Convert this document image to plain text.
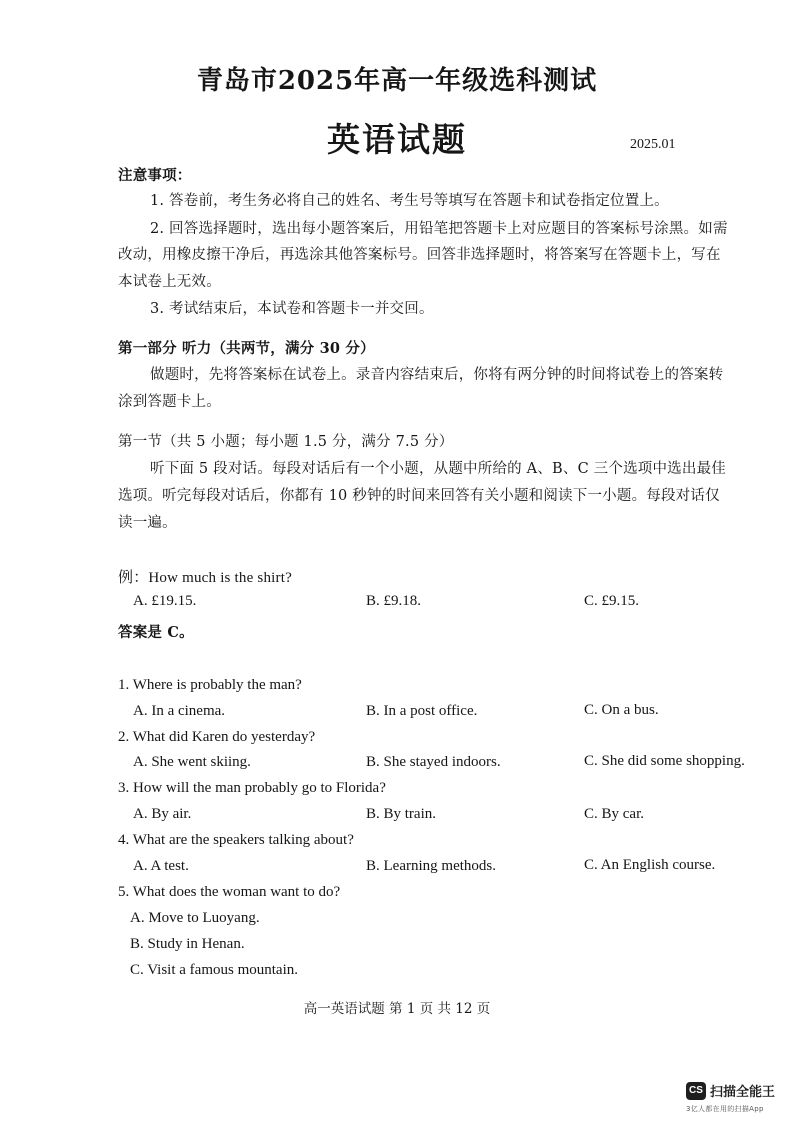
青岛市2025年高一年级选科测试
英语试题	2025.01
注意事项：
1. 答卷前，考生务必将自己的姓名、考生号等填写在答题卡和试卷指定位置上。
2. 回答选择题时，选出每小题答案后，用铅笔把答题卡上对应题目的答案标号涂黑。如需
改动，用橡皮擦干净后，再选涂其他答案标号。回答非选择题时，将答案写在答题卡上，写在
本试卷上无效。
3. 考试结束后，本试卷和答题卡一并交回。
第一部分 听力（共两节，满分 30 分）
做题时，先将答案标在试卷上。录音内容结束后，你将有两分钟的时间将试卷上的答案转
涂到答题卡上。
第一节（共 5 小题；每小题 1.5 分，满分 7.5 分）
听下面 5 段对话。每段对话后有一个小题，从题中所给的 A、B、C 三个选项中选出最佳
选项。听完每段对话后，你都有 10 秒钟的时间来回答有关小题和阅读下一小题。每段对话仅
读一遍。
例：How much is the shirt?
A. £19.15.	B. £9.18.	C. £9.15.
答案是 C。
1. Where is probably the man?
A. In a cinema.	B. In a post office.	C. On a bus.
2. What did Karen do yesterday?
A. She went skiing.	B. She stayed indoors.	C. She did some shopping.
3. How will the man probably go to Florida?
A. By air.	B. By train.	C. By car.
4. What are the speakers talking about?
A. A test.	B. Learning methods.	C. An English course.
5. What does the woman want to do?
A. Move to Luoyang.
B. Study in Henan.
C. Visit a famous mountain.
高一英语试题 第 1 页 共 12 页
CS 扫描全能王
3亿人都在用的扫描App
